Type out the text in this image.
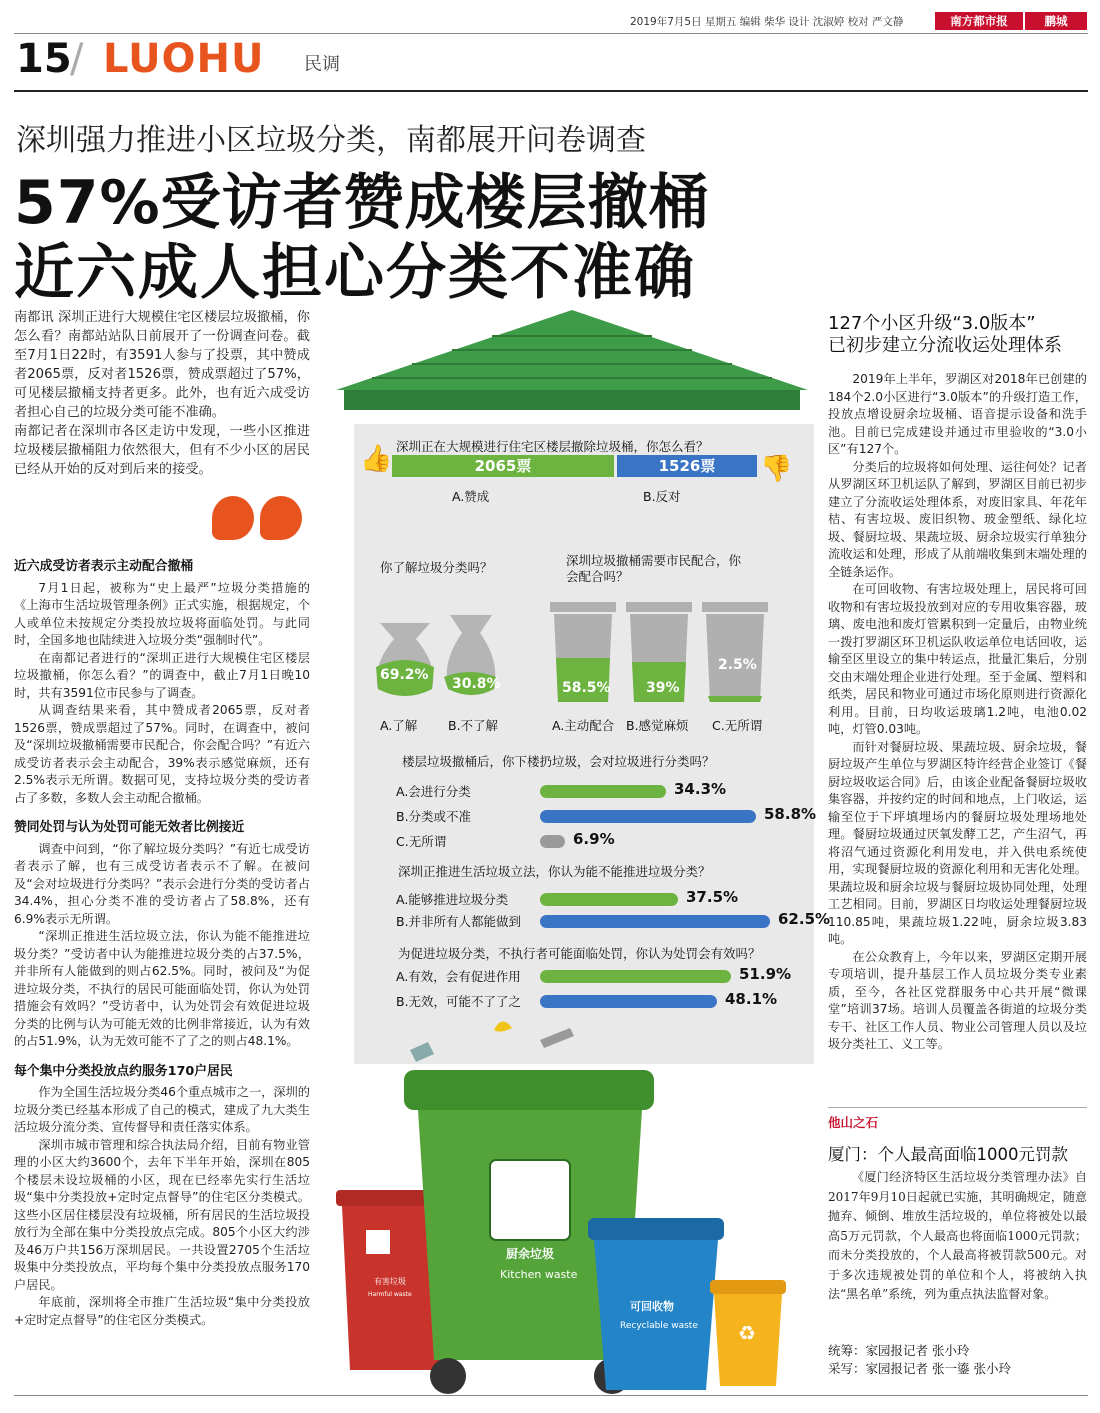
2019年7月5日 星期五 编辑 柴华 设计 沈淑婷 校对 严文静	南方都市报	鹏城
15
/ LUOHU 民调
深圳强力推进小区垃圾分类，南都展开问卷调查
57%受访者赞成楼层撤桶
近六成人担心分类不准确

南都讯 深圳正进行大规模住宅区楼层垃圾撤桶，你怎么看？南都站站队日前展开了一份调查问卷。截至7月1日22时，有3591人参与了投票，其中赞成者2065票，反对者1526票，赞成票超过了57%，可见楼层撤桶支持者更多。此外，也有近六成受访者担心自己的垃圾分类可能不准确。

南都记者在深圳市各区走访中发现，一些小区推进垃圾楼层撤桶阻力依然很大，但有不少小区的居民已经从开始的反对到后来的接受。

近六成受访者表示主动配合撤桶

7月1日起，被称为“史上最严”垃圾分类措施的《上海市生活垃圾管理条例》正式实施，根据规定，个人或单位未按规定分类投放垃圾将面临处罚。与此同时，全国多地也陆续进入垃圾分类“强制时代”。

在南都记者进行的“深圳正进行大规模住宅区楼层垃圾撤桶，你怎么看？”的调查中，截止7月1日晚10时，共有3591位市民参与了调查。

从调查结果来看，其中赞成者2065票，反对者1526票，赞成票超过了57%。同时，在调查中，被问及“深圳垃圾撤桶需要市民配合，你会配合吗？”有近六成受访者表示会主动配合，39%表示感觉麻烦，还有2.5%表示无所谓。数据可见，支持垃圾分类的受访者占了多数，多数人会主动配合撤桶。

赞同处罚与认为处罚可能无效者比例接近

调查中问到，“你了解垃圾分类吗？”有近七成受访者表示了解，也有三成受访者表示不了解。在被问及“会对垃圾进行分类吗？”表示会进行分类的受访者占34.4%，担心分类不准的受访者占了58.8%，还有6.9%表示无所谓。

“深圳正推进生活垃圾立法，你认为能不能推进垃圾分类？”受访者中认为能推进垃圾分类的占37.5%，并非所有人能做到的则占62.5%。同时，被问及“为促进垃圾分类，不执行的居民可能面临处罚，你认为处罚措施会有效吗？”受访者中，认为处罚会有效促进垃圾分类的比例与认为可能无效的比例非常接近，认为有效的占51.9%，认为无效可能不了了之的则占48.1%。

每个集中分类投放点约服务170户居民

作为全国生活垃圾分类46个重点城市之一，深圳的垃圾分类已经基本形成了自己的模式，建成了九大类生活垃圾分流分类、宣传督导和责任落实体系。

深圳市城市管理和综合执法局介绍，目前有物业管理的小区大约3600个，去年下半年开始，深圳在805个楼层未设垃圾桶的小区，现在已经率先实行生活垃圾“集中分类投放+定时定点督导”的住宅区分类模式。这些小区居住楼层没有垃圾桶，所有居民的生活垃圾投放行为全部在集中分类投放点完成。805个小区大约涉及46万户共156万深圳居民。一共设置2705个生活垃圾集中分类投放点，平均每个集中分类投放点服务170户居民。

年底前，深圳将全市推广生活垃圾“集中分类投放+定时定点督导”的住宅区分类模式。

深圳正在大规模进行住宅区楼层撤除垃圾桶，你怎么看？
👍	👎
2065票	1526票
A.赞成	B.反对
你了解垃圾分类吗？	深圳垃圾撤桶需要市民配合，你会配合吗？
69.2%
30.8%
A.了解 B.不了解
58.5%	39%
2.5%
A.主动配合 B.感觉麻烦 C.无所谓
楼层垃圾撤桶后，你下楼扔垃圾，会对垃圾进行分类吗？
A.会进行分类	34.3%
B.分类或不准	58.8%
C.无所谓	6.9%
深圳正推进生活垃圾立法，你认为能不能推进垃圾分类？
A.能够推进垃圾分类	37.5%
B.并非所有人都能做到	62.5%
为促进垃圾分类，不执行者可能面临处罚，你认为处罚会有效吗？
A.有效，会有促进作用	51.9%
B.无效，可能不了了之	48.1%
有害垃圾
Harmful waste
厨余垃圾
Kitchen waste
可回收物
Recyclable waste ♻
127个小区升级“3.0版本”
已初步建立分流收运处理体系

2019年上半年，罗湖区对2018年已创建的184个2.0小区进行“3.0版本”的升级打造工作，投放点增设厨余垃圾桶、语音提示设备和洗手池。目前已完成建设并通过市里验收的“3.0小区”有127个。

分类后的垃圾将如何处理、运往何处？记者从罗湖区环卫机运队了解到，罗湖区目前已初步建立了分流收运处理体系，对废旧家具、年花年桔、有害垃圾、废旧织物、玻金塑纸、绿化垃圾、餐厨垃圾、果蔬垃圾、厨余垃圾实行单独分流收运和处理，形成了从前端收集到末端处理的全链条运作。

在可回收物、有害垃圾处理上，居民将可回收物和有害垃圾投放到对应的专用收集容器，玻璃、废电池和废灯管累积到一定量后，由物业统一拨打罗湖区环卫机运队收运单位电话回收，运输至区里设立的集中转运点，批量汇集后，分别交由末端处理企业进行处理。至于金属、塑料和纸类，居民和物业可通过市场化原则进行资源化利用。目前，日均收运玻璃1.2吨，电池0.02吨，灯管0.03吨。

而针对餐厨垃圾、果蔬垃圾、厨余垃圾，餐厨垃圾产生单位与罗湖区特许经营企业签订《餐厨垃圾收运合同》后，由该企业配备餐厨垃圾收集容器，并按约定的时间和地点，上门收运，运输至位于下坪填埋场内的餐厨垃圾处理场地处理。餐厨垃圾通过厌氧发酵工艺，产生沼气，再将沼气通过资源化利用发电，并入供电系统使用，实现餐厨垃圾的资源化利用和无害化处理。果蔬垃圾和厨余垃圾与餐厨垃圾协同处理，处理工艺相同。目前，罗湖区日均收运处理餐厨垃圾110.85吨，果蔬垃圾1.22吨，厨余垃圾3.83吨。

在公众教育上，今年以来，罗湖区定期开展专项培训，提升基层工作人员垃圾分类专业素质，至今，各社区党群服务中心共开展“微课堂”培训37场。培训人员覆盖各街道的垃圾分类专干、社区工作人员、物业公司管理人员以及垃圾分类社工、义工等。

他山之石
厦门：个人最高面临1000元罚款

《厦门经济特区生活垃圾分类管理办法》自2017年9月10日起就已实施，其明确规定，随意抛弃、倾倒、堆放生活垃圾的，单位将被处以最高5万元罚款，个人最高也将面临1000元罚款；而未分类投放的，个人最高将被罚款500元。对于多次违规被处罚的单位和个人，将被纳入执法“黑名单”系统，列为重点执法监督对象。

统筹：家园报记者 张小玲
采写：家园报记者 张一鎏 张小玲
